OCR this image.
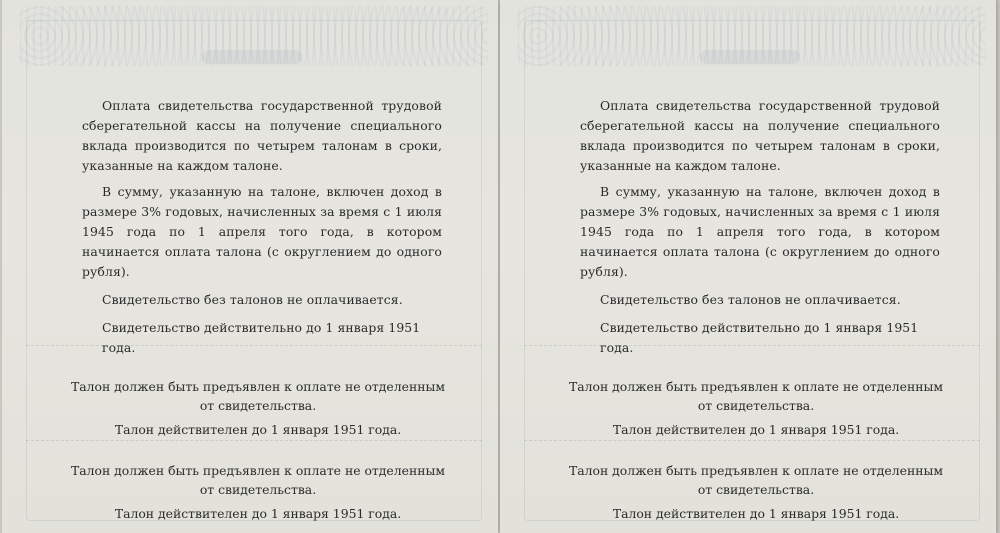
Оплата свидетельства государственной трудовой сберегательной кассы на получение специального вклада производится по четырем талонам в сроки, указанные на каждом талоне.

В сумму, указанную на талоне, включен доход в размере 3% годовых, начисленных за время с 1 июля 1945 года по 1 апреля того года, в котором начинается оплата талона (с округлением до одного рубля).

Свидетельство без талонов не оплачивается.

Свидетельство действительно до 1 января 1951 года.

Талон должен быть предъявлен к оплате не отделенным от свидетельства.

Талон действителен до 1 января 1951 года.

Талон должен быть предъявлен к оплате не отделенным от свидетельства.

Талон действителен до 1 января 1951 года.

Оплата свидетельства государственной трудовой сберегательной кассы на получение специального вклада производится по четырем талонам в сроки, указанные на каждом талоне.

В сумму, указанную на талоне, включен доход в размере 3% годовых, начисленных за время с 1 июля 1945 года по 1 апреля того года, в котором начинается оплата талона (с округлением до одного рубля).

Свидетельство без талонов не оплачивается.

Свидетельство действительно до 1 января 1951 года.

Талон должен быть предъявлен к оплате не отделенным от свидетельства.

Талон действителен до 1 января 1951 года.

Талон должен быть предъявлен к оплате не отделенным от свидетельства.

Талон действителен до 1 января 1951 года.
